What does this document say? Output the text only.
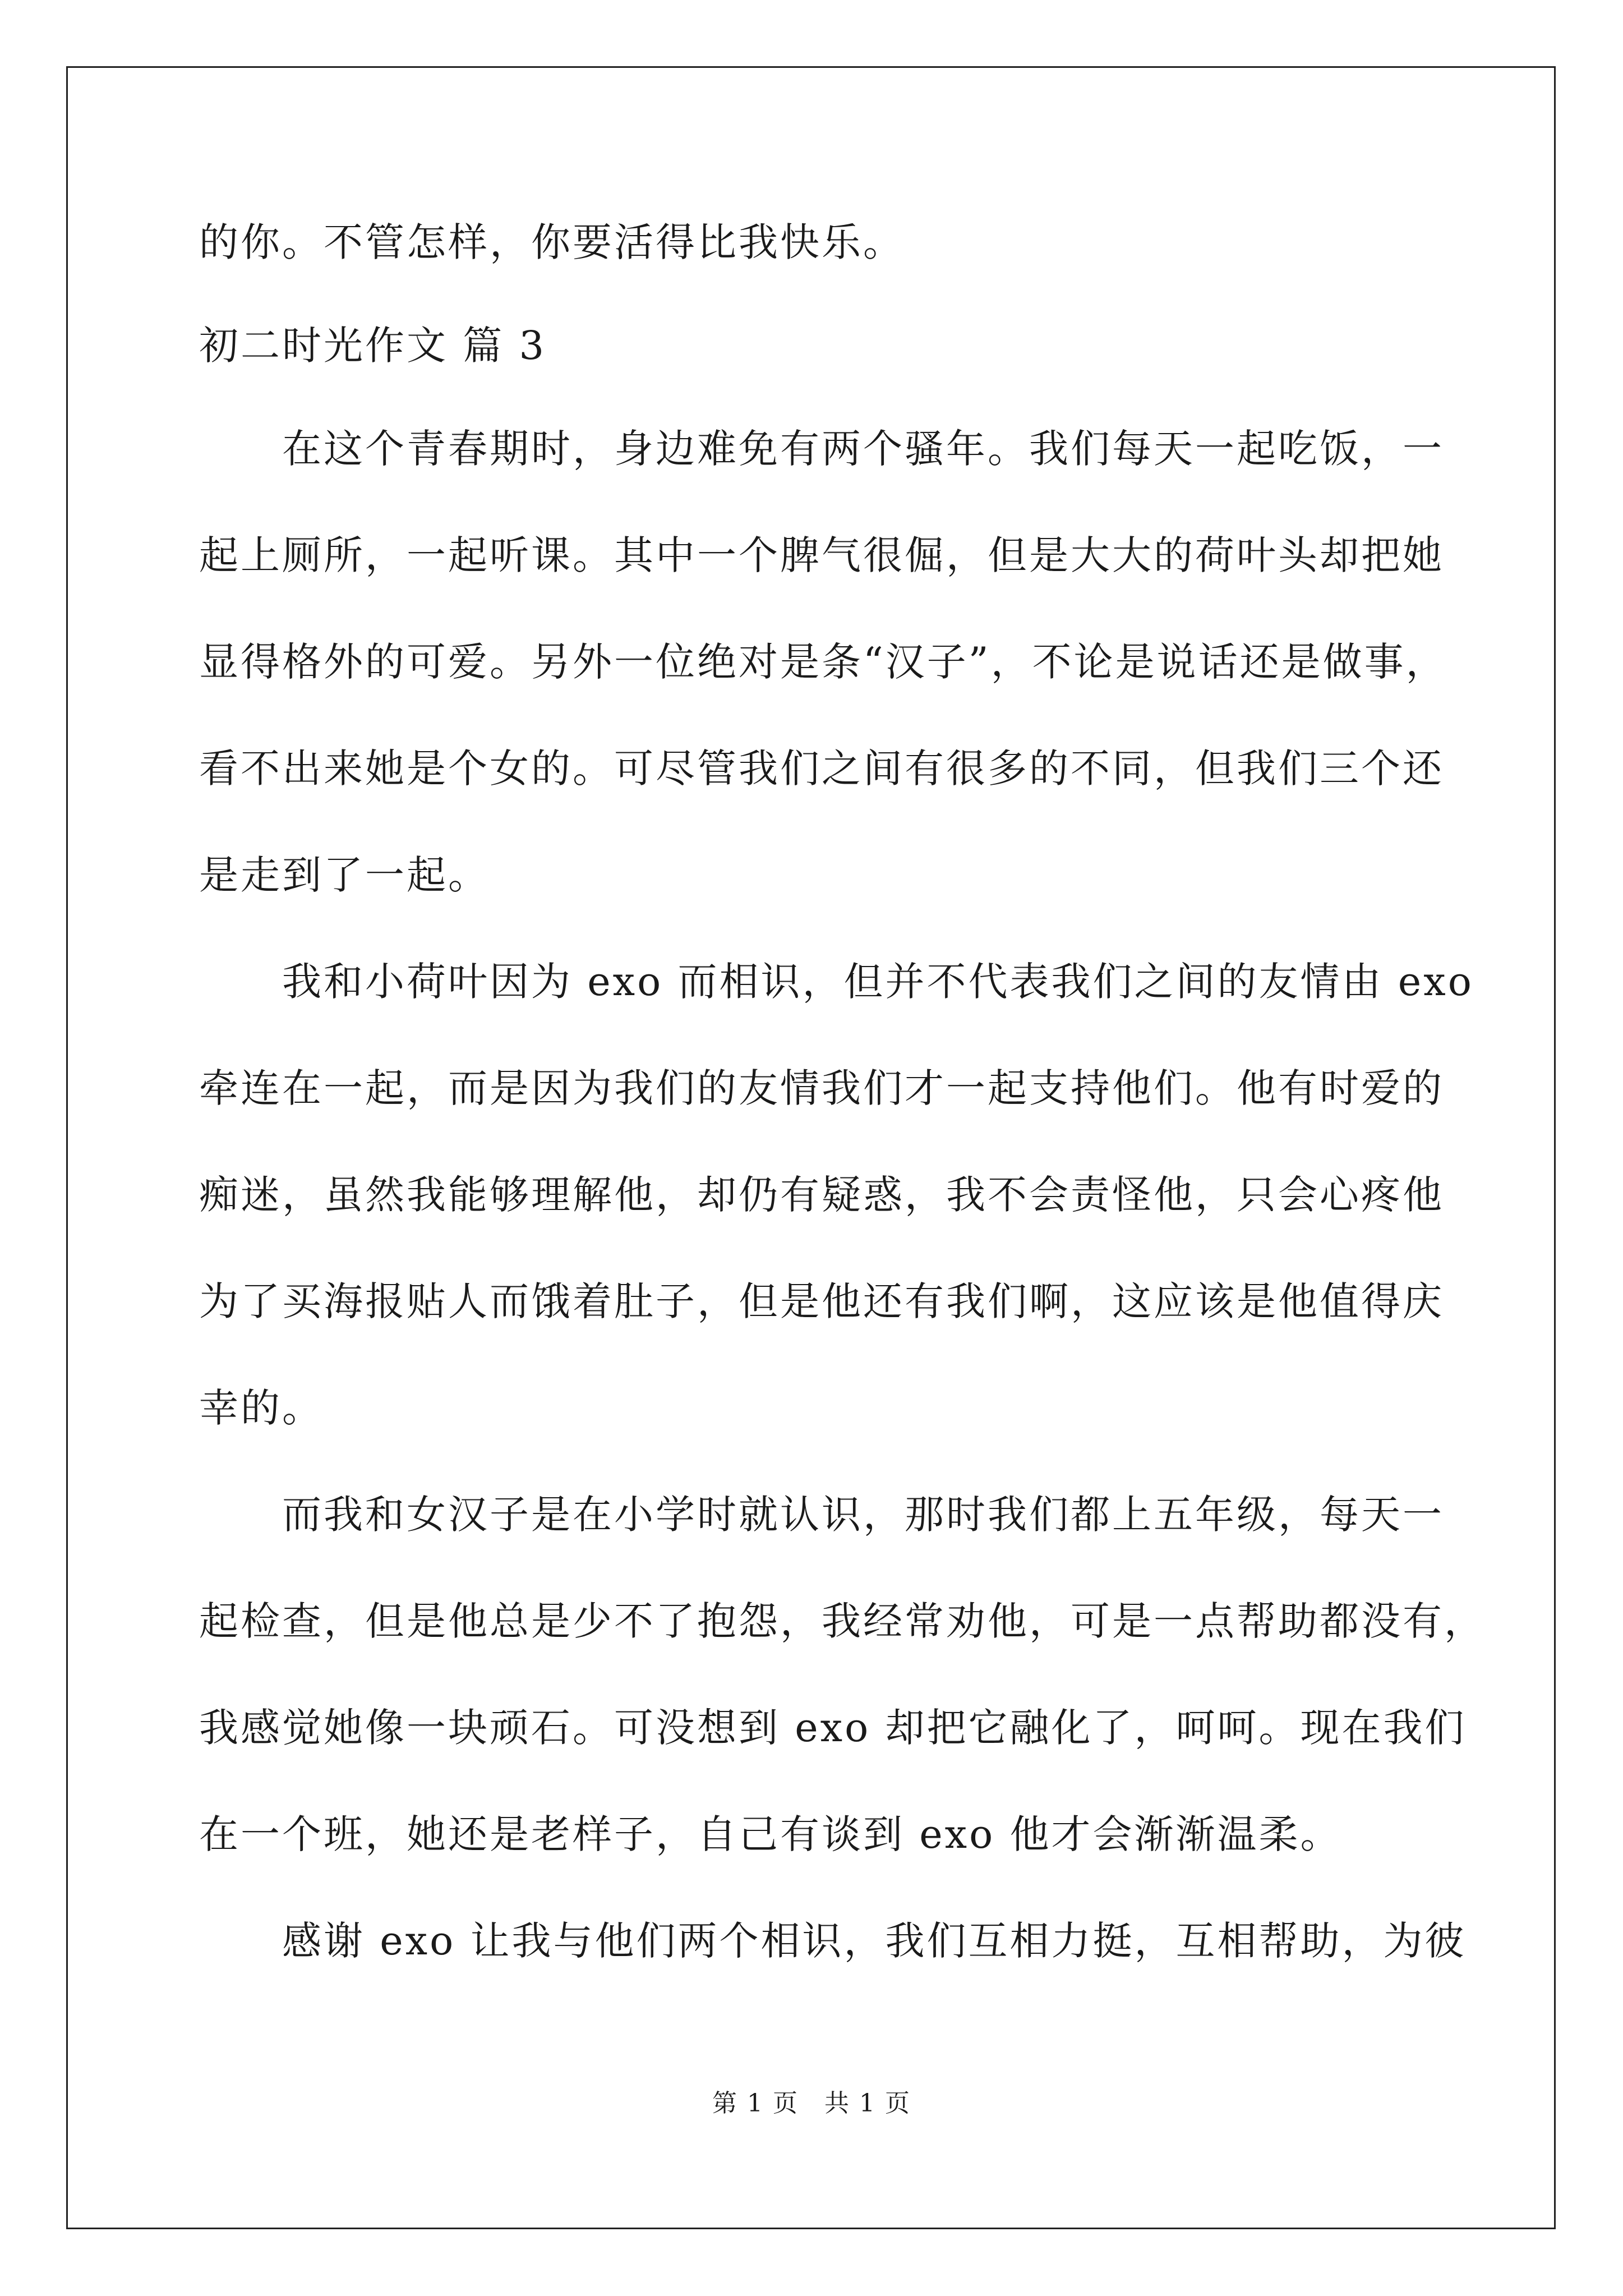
的你。不管怎样，你要活得比我快乐。
初二时光作文 篇 3
在这个青春期时，身边难免有两个骚年。我们每天一起吃饭，一
起上厕所，一起听课。其中一个脾气很倔，但是大大的荷叶头却把她
显得格外的可爱。另外一位绝对是条“汉子”，不论是说话还是做事，
看不出来她是个女的。可尽管我们之间有很多的不同，但我们三个还
是走到了一起。
我和小荷叶因为 exo 而相识，但并不代表我们之间的友情由 exo
牵连在一起，而是因为我们的友情我们才一起支持他们。他有时爱的
痴迷，虽然我能够理解他，却仍有疑惑，我不会责怪他，只会心疼他
为了买海报贴人而饿着肚子，但是他还有我们啊，这应该是他值得庆
幸的。
而我和女汉子是在小学时就认识，那时我们都上五年级，每天一
起检查，但是他总是少不了抱怨，我经常劝他，可是一点帮助都没有，
我感觉她像一块顽石。可没想到 exo 却把它融化了，呵呵。现在我们
在一个班，她还是老样子，自己有谈到 exo 他才会渐渐温柔。
感谢 exo 让我与他们两个相识，我们互相力挺，互相帮助，为彼
第 1 页　共 1 页
